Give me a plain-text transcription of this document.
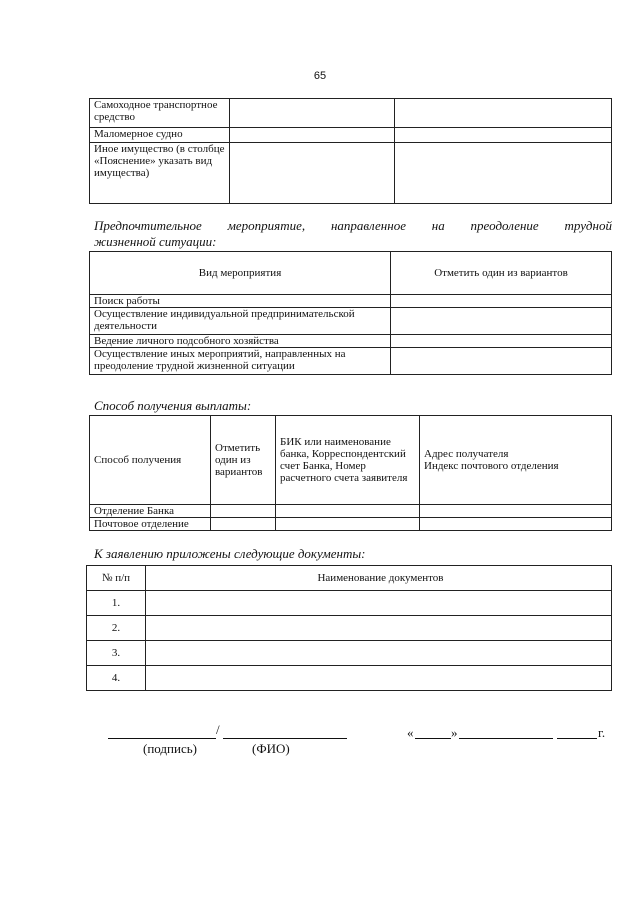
65
Самоходное транспортное средство		
Маломерное судно		
Иное имущество (в столбце «Пояснение» указать вид имущества)		
Предпочтительное мероприятие, направленное на преодоление трудной
жизненной ситуации:
Вид мероприятия	Отметить один из вариантов
Поиск работы	
Осуществление индивидуальной предпринимательской деятельности	
Ведение личного подсобного хозяйства	
Осуществление иных мероприятий, направленных на преодоление трудной жизненной ситуации	
Способ получения выплаты:
Способ получения	Отметить один из вариантов	БИК или наименование банка, Корреспондентский счет Банка, Номер расчетного счета заявителя	Адрес получателя
Индекс почтового отделения

Отделение Банка			
Почтовое отделение			
К заявлению приложены следующие документы:
№ п/п	Наименование документов
1.	
2.	
3.	
4.	
/
(подпись)	(ФИО)
«	»	г.
